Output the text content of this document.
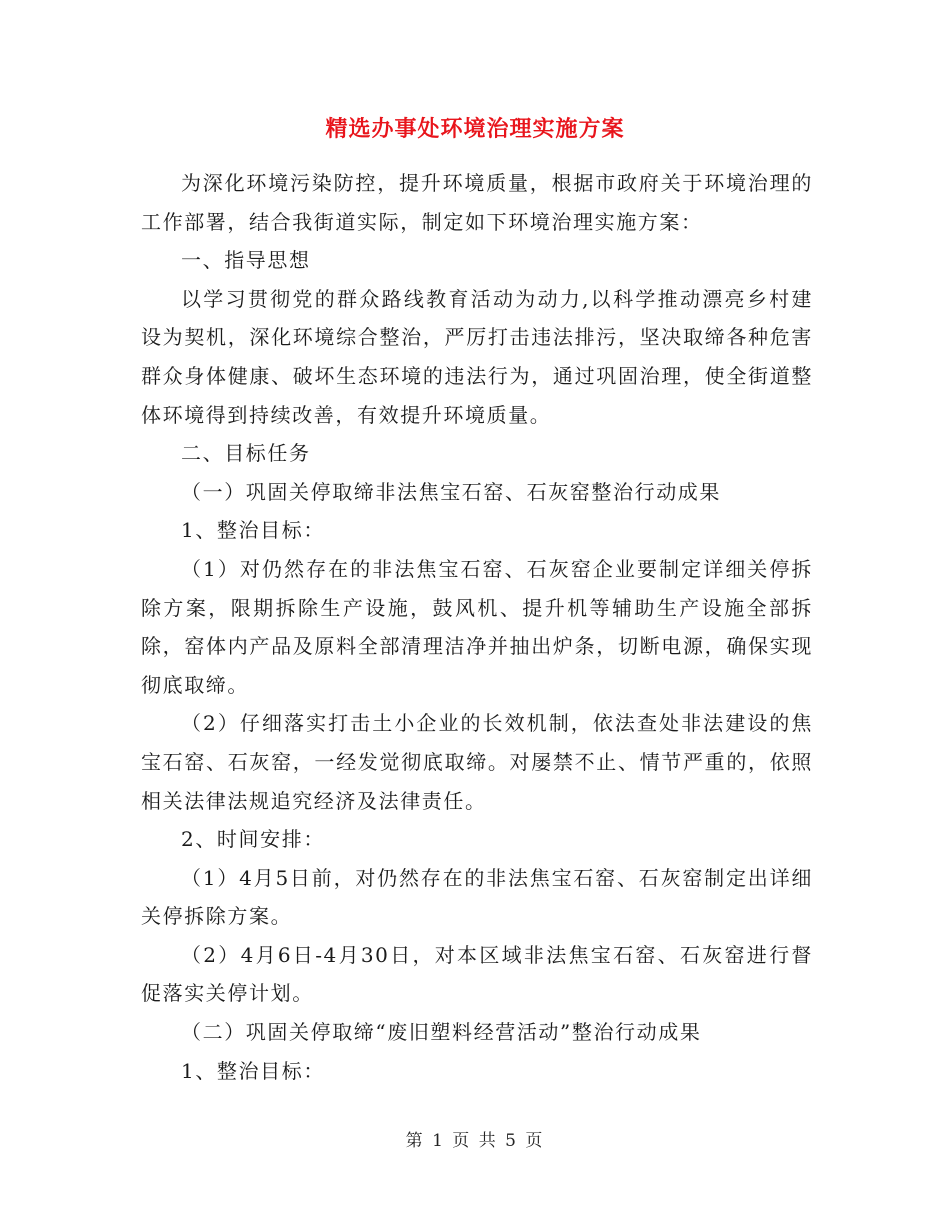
精选办事处环境治理实施方案

为深化环境污染防控，提升环境质量，根据市政府关于环境治理的工作部署，结合我街道实际，制定如下环境治理实施方案：

一、指导思想

以学习贯彻党的群众路线教育活动为动力,以科学推动漂亮乡村建设为契机，深化环境综合整治，严厉打击违法排污，坚决取缔各种危害群众身体健康、破坏生态环境的违法行为，通过巩固治理，使全街道整体环境得到持续改善，有效提升环境质量。

二、目标任务

（一）巩固关停取缔非法焦宝石窑、石灰窑整治行动成果

1、整治目标：

（1）对仍然存在的非法焦宝石窑、石灰窑企业要制定详细关停拆除方案，限期拆除生产设施，鼓风机、提升机等辅助生产设施全部拆除，窑体内产品及原料全部清理洁净并抽出炉条，切断电源，确保实现彻底取缔。

（2）仔细落实打击土小企业的长效机制，依法查处非法建设的焦宝石窑、石灰窑，一经发觉彻底取缔。对屡禁不止、情节严重的，依照相关法律法规追究经济及法律责任。

2、时间安排：

（1）4月5日前，对仍然存在的非法焦宝石窑、石灰窑制定出详细关停拆除方案。

（2）4月6日-4月30日，对本区域非法焦宝石窑、石灰窑进行督促落实关停计划。

（二）巩固关停取缔“废旧塑料经营活动”整治行动成果

1、整治目标：

第 1 页 共 5 页
